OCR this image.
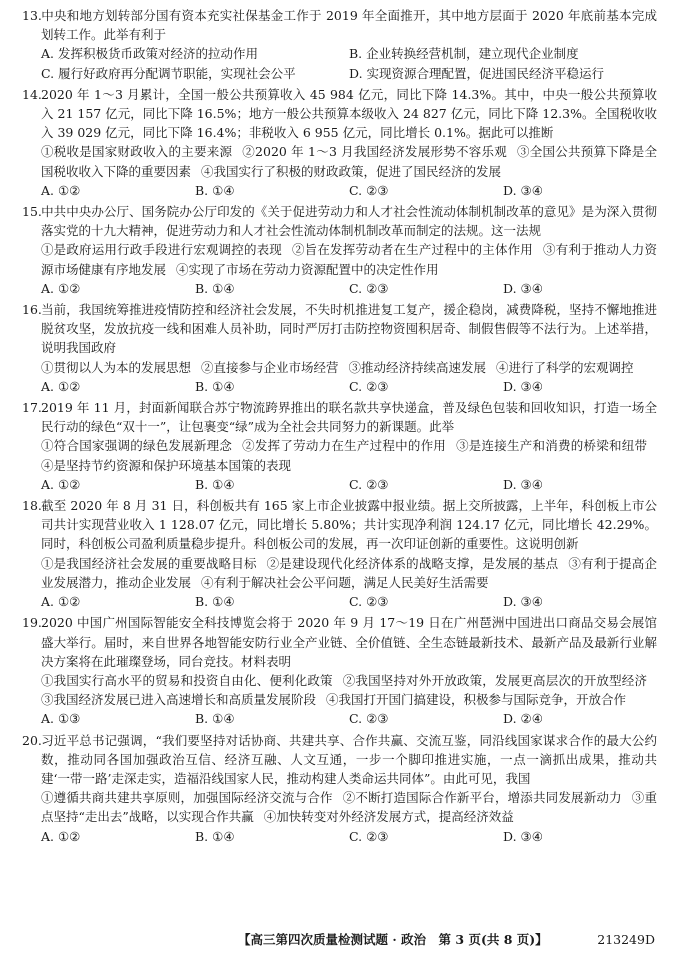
13.中央和地方划转部分国有资本充实社保基金工作于 2019 年全面推开，其中地方层面于 2020 年底前基本完成划转工作。此举有利于
A. 发挥积极货币政策对经济的拉动作用	B. 企业转换经营机制，建立现代企业制度
C. 履行好政府再分配调节职能，实现社会公平	D. 实现资源合理配置，促进国民经济平稳运行
14.2020 年 1～3 月累计，全国一般公共预算收入 45 984 亿元，同比下降 14.3%。其中，中央一般公共预算收入 21 157 亿元，同比下降 16.5%；地方一般公共预算本级收入 24 827 亿元，同比下降 12.3%。全国税收收入 39 029 亿元，同比下降 16.4%；非税收入 6 955 亿元，同比增长 0.1%。据此可以推断
①税收是国家财政收入的主要来源 ②2020 年 1～3 月我国经济发展形势不容乐观 ③全国公共预算下降是全国税收收入下降的重要因素 ④我国实行了积极的财政政策，促进了国民经济的发展
A. ①②	B. ①④	C. ②③	D. ③④
15.中共中央办公厅、国务院办公厅印发的《关于促进劳动力和人才社会性流动体制机制改革的意见》是为深入贯彻落实党的十九大精神，促进劳动力和人才社会性流动体制机制改革而制定的法规。这一法规
①是政府运用行政手段进行宏观调控的表现 ②旨在发挥劳动者在生产过程中的主体作用 ③有利于推动人力资源市场健康有序地发展 ④实现了市场在劳动力资源配置中的决定性作用
A. ①②	B. ①④	C. ②③	D. ③④
16.当前，我国统筹推进疫情防控和经济社会发展，不失时机推进复工复产，援企稳岗，减费降税，坚持不懈地推进脱贫攻坚，发放抗疫一线和困难人员补助，同时严厉打击防控物资囤积居奇、制假售假等不法行为。上述举措，说明我国政府
①贯彻以人为本的发展思想 ②直接参与企业市场经营 ③推动经济持续高速发展 ④进行了科学的宏观调控
A. ①②	B. ①④	C. ②③	D. ③④
17.2019 年 11 月，封面新闻联合苏宁物流跨界推出的联名款共享快递盒，普及绿色包装和回收知识，打造一场全民行动的绿色“双十一”，让包裹变“绿”成为全社会共同努力的新课题。此举
①符合国家强调的绿色发展新理念 ②发挥了劳动力在生产过程中的作用 ③是连接生产和消费的桥梁和纽带④是坚持节约资源和保护环境基本国策的表现
A. ①②	B. ①④	C. ②③	D. ③④
18.截至 2020 年 8 月 31 日，科创板共有 165 家上市企业披露中报业绩。据上交所披露，上半年，科创板上市公司共计实现营业收入 1 128.07 亿元，同比增长 5.80%；共计实现净利润 124.17 亿元，同比增长 42.29%。同时，科创板公司盈利质量稳步提升。科创板公司的发展，再一次印证创新的重要性。这说明创新
①是我国经济社会发展的重要战略目标 ②是建设现代化经济体系的战略支撑，是发展的基点 ③有利于提高企业发展潜力，推动企业发展 ④有利于解决社会公平问题，满足人民美好生活需要
A. ①②	B. ①④	C. ②③	D. ③④
19.2020 中国广州国际智能安全科技博览会将于 2020 年 9 月 17～19 日在广州琶洲中国进出口商品交易会展馆盛大举行。届时，来自世界各地智能安防行业全产业链、全价值链、全生态链最新技术、最新产品及最新行业解决方案将在此璀璨登场，同台竞技。材料表明
①我国实行高水平的贸易和投资自由化、便利化政策 ②我国坚持对外开放政策，发展更高层次的开放型经济③我国经济发展已进入高速增长和高质量发展阶段 ④我国打开国门搞建设，积极参与国际竞争，开放合作
A. ①③	B. ①④	C. ②③	D. ②④
20.习近平总书记强调，“我们要坚持对话协商、共建共享、合作共赢、交流互鉴，同沿线国家谋求合作的最大公约数，推动同各国加强政治互信、经济互融、人文互通，一步一个脚印推进实施，一点一滴抓出成果，推动共建‘一带一路’走深走实，造福沿线国家人民，推动构建人类命运共同体”。由此可见，我国
①遵循共商共建共享原则，加强国际经济交流与合作 ②不断打造国际合作新平台，增添共同发展新动力 ③重点坚持“走出去”战略，以实现合作共赢 ④加快转变对外经济发展方式，提高经济效益
A. ①②	B. ①④	C. ②③	D. ③④
【高三第四次质量检测试题 · 政治　第 3 页(共 8 页)】	213249D
